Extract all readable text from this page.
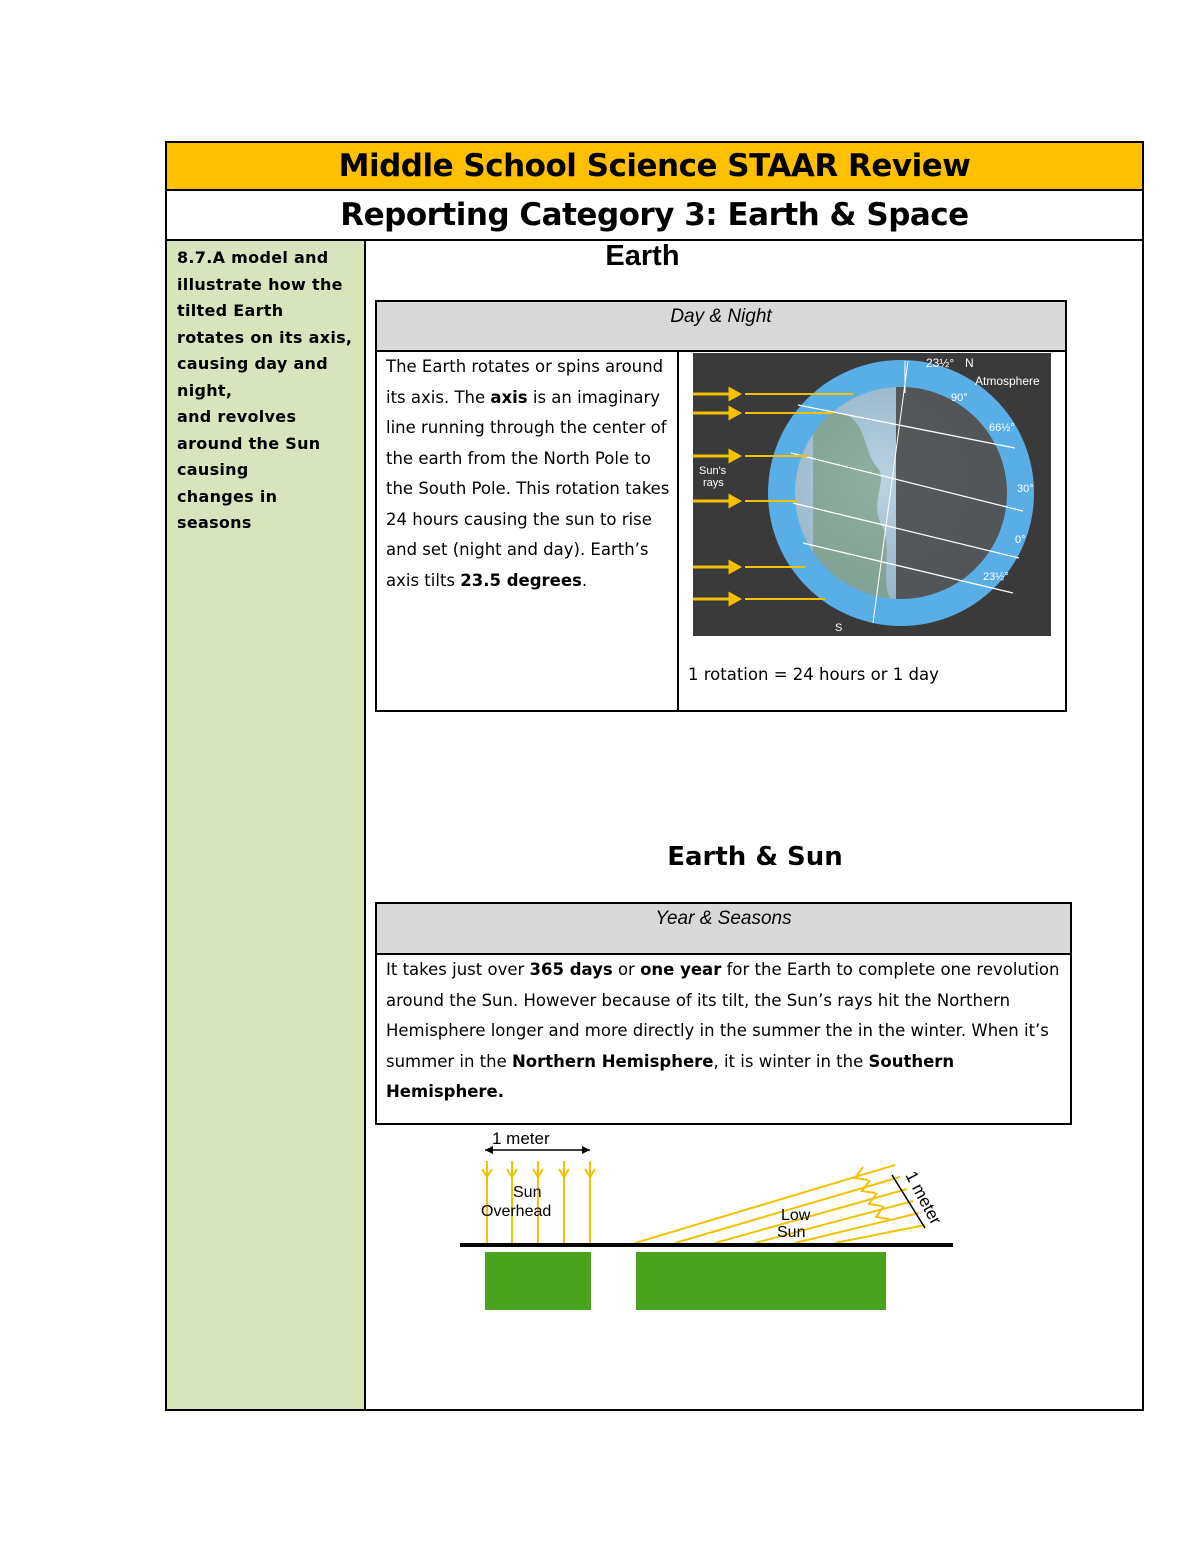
Middle School Science STAAR Review
Reporting Category 3: Earth & Space

8.7.A model and
illustrate how the
tilted Earth
rotates on its axis,
causing day and
night,
and revolves
around the Sun
causing
changes in seasons

Earth
Day & Night
The Earth rotates or spins around its axis. The axis is an imaginary line running through the center of the earth from the North Pole to the South Pole. This rotation takes 24 hours causing the sun to rise and set (night and day). Earth’s axis tilts 23.5 degrees.
Sun's
rays
23½° N
Atmosphere
90°
66½°
30°
0°
23½°
S
1 rotation = 24 hours or 1 day
Earth & Sun
Year & Seasons
It takes just over 365 days or one year for the Earth to complete one revolution around the Sun. However because of its tilt, the Sun’s rays hit the Northern Hemisphere longer and more directly in the summer the in the winter. When it’s summer in the Northern Hemisphere, it is winter in the Southern Hemisphere.
1 meter
Sun
Overhead	Low
Sun
1 meter
